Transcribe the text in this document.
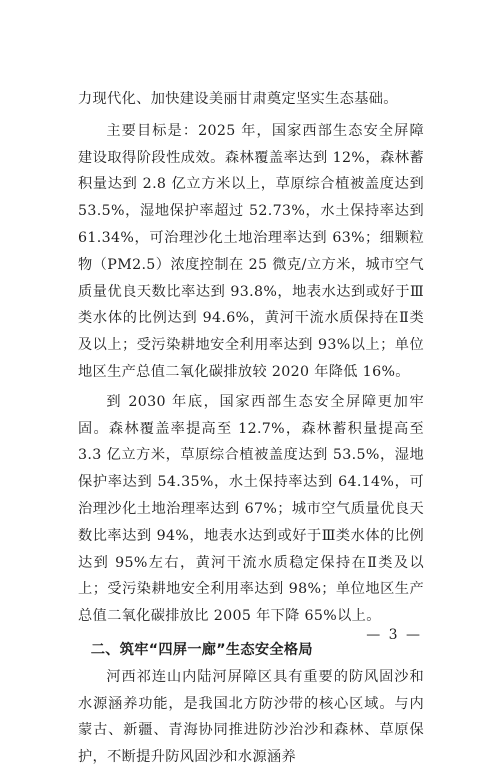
力现代化、加快建设美丽甘肃奠定坚实生态基础。

主要目标是：2025 年，国家西部生态安全屏障建设取得阶段性成效。森林覆盖率达到 12%，森林蓄积量达到 2.8 亿立方米以上，草原综合植被盖度达到 53.5%，湿地保护率超过 52.73%，水土保持率达到 61.34%，可治理沙化土地治理率达到 63%；细颗粒物（PM2.5）浓度控制在 25 微克/立方米，城市空气质量优良天数比率达到 93.8%，地表水达到或好于Ⅲ类水体的比例达到 94.6%，黄河干流水质保持在Ⅱ类及以上；受污染耕地安全利用率达到 93%以上；单位地区生产总值二氧化碳排放较 2020 年降低 16%。

到 2030 年底，国家西部生态安全屏障更加牢固。森林覆盖率提高至 12.7%，森林蓄积量提高至 3.3 亿立方米，草原综合植被盖度达到 53.5%，湿地保护率达到 54.35%，水土保持率达到 64.14%，可治理沙化土地治理率达到 67%；城市空气质量优良天数比率达到 94%，地表水达到或好于Ⅲ类水体的比例达到 95%左右，黄河干流水质稳定保持在Ⅱ类及以上；受污染耕地安全利用率达到 98%；单位地区生产总值二氧化碳排放比 2005 年下降 65%以上。

二、筑牢“四屏一廊”生态安全格局

河西祁连山内陆河屏障区具有重要的防风固沙和水源涵养功能，是我国北方防沙带的核心区域。与内蒙古、新疆、青海协同推进防沙治沙和森林、草原保护，不断提升防风固沙和水源涵养

— 3 —
